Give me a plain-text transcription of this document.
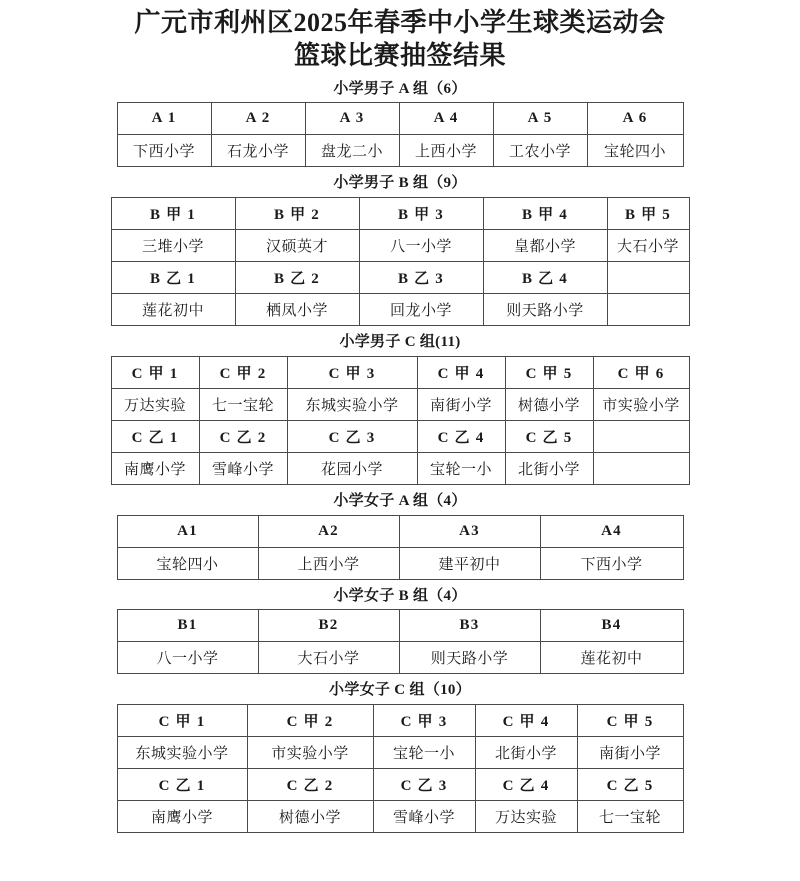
广元市利州区2025年春季中小学生球类运动会
篮球比赛抽签结果
小学男子 A 组（6）
A 1	A 2	A 3	A 4	A 5	A 6
下西小学	石龙小学	盘龙二小	上西小学	工农小学	宝轮四小
小学男子 B 组（9）
B 甲 1	B 甲 2	B 甲 3	B 甲 4	B 甲 5
三堆小学	汉硕英才	八一小学	皇都小学	大石小学
B 乙 1	B 乙 2	B 乙 3	B 乙 4	
莲花初中	栖凤小学	回龙小学	则天路小学	
小学男子 C 组(11)
C 甲 1	C 甲 2	C 甲 3	C 甲 4	C 甲 5	C 甲 6
万达实验	七一宝轮	东城实验小学	南街小学	树德小学	市实验小学
C 乙 1	C 乙 2	C 乙 3	C 乙 4	C 乙 5	
南鹰小学	雪峰小学	花园小学	宝轮一小	北街小学	
小学女子 A 组（4）
A1	A2	A3	A4
宝轮四小	上西小学	建平初中	下西小学
小学女子 B 组（4）
B1	B2	B3	B4
八一小学	大石小学	则天路小学	莲花初中
小学女子 C 组（10）
C 甲 1	C 甲 2	C 甲 3	C 甲 4	C 甲 5
东城实验小学	市实验小学	宝轮一小	北街小学	南街小学
C 乙 1	C 乙 2	C 乙 3	C 乙 4	C 乙 5
南鹰小学	树德小学	雪峰小学	万达实验	七一宝轮
